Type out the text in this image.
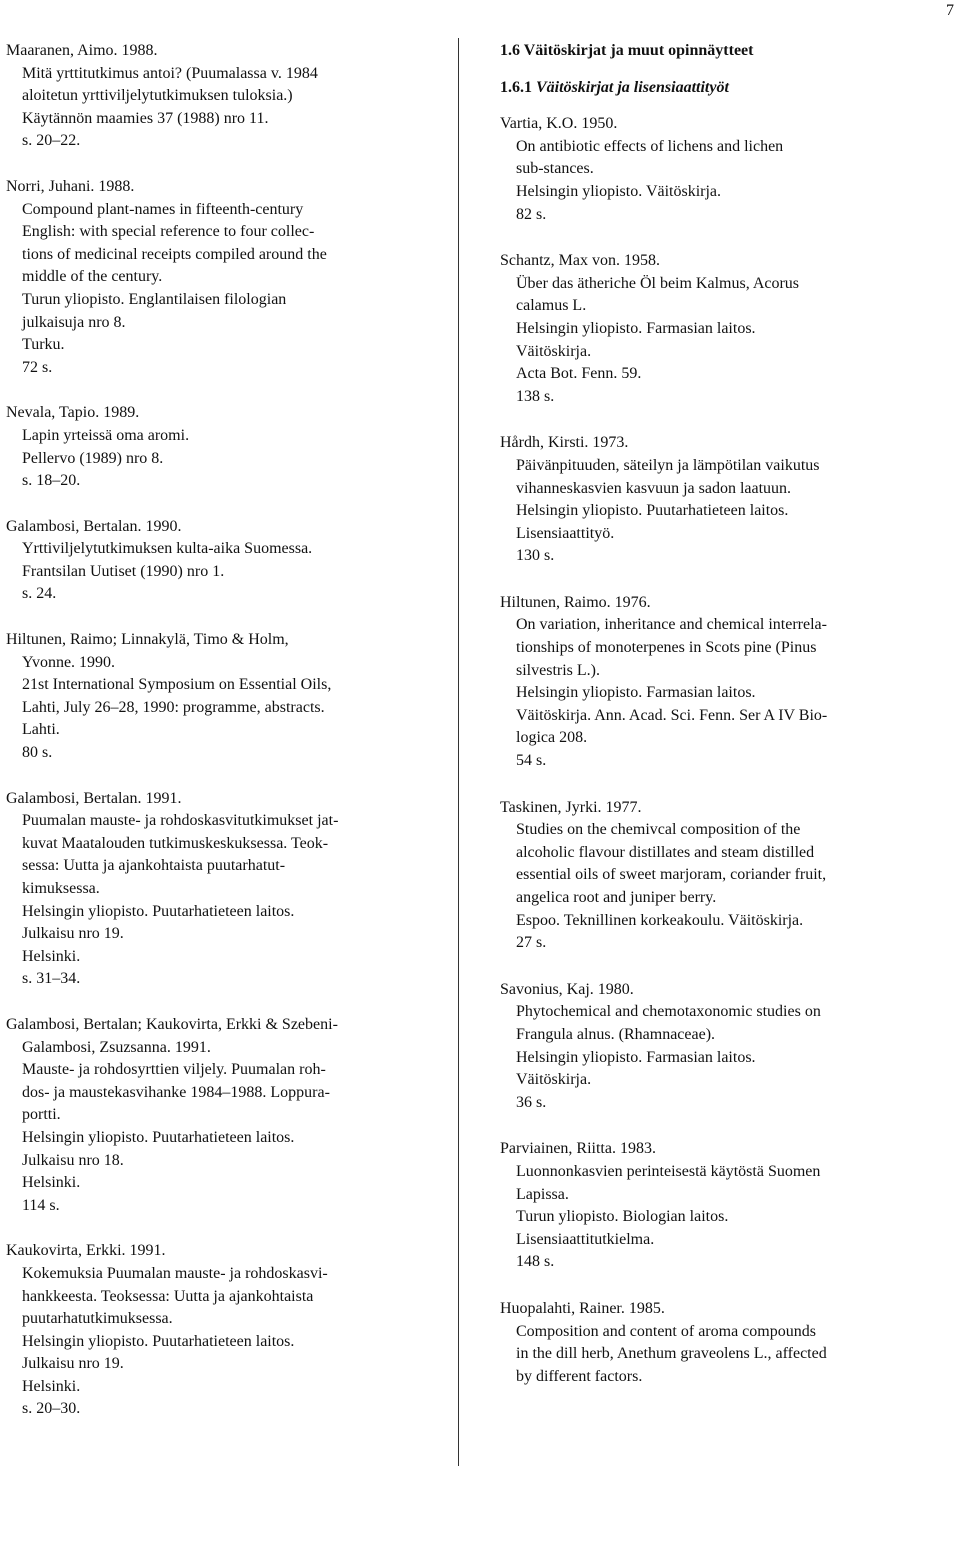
7
Maaranen, Aimo. 1988.
Mitä yrttitutkimus antoi? (Puumalassa v. 1984
aloitetun yrttiviljelytutkimuksen tuloksia.)
Käytännön maamies 37 (1988) nro 11.
s. 20–22.
Norri, Juhani. 1988.
Compound plant-names in fifteenth-century
English: with special reference to four collec-
tions of medicinal receipts compiled around the
middle of the century.
Turun yliopisto. Englantilaisen filologian
julkaisuja nro 8.
Turku.
72 s.
Nevala, Tapio. 1989.
Lapin yrteissä oma aromi.
Pellervo (1989) nro 8.
s. 18–20.
Galambosi, Bertalan. 1990.
Yrttiviljelytutkimuksen kulta-aika Suomessa.
Frantsilan Uutiset (1990) nro 1.
s. 24.
Hiltunen, Raimo; Linnakylä, Timo & Holm,
Yvonne. 1990.
21st International Symposium on Essential Oils,
Lahti, July 26–28, 1990: programme, abstracts.
Lahti.
80 s.
Galambosi, Bertalan. 1991.
Puumalan mauste- ja rohdoskasvitutkimukset jat-
kuvat Maatalouden tutkimuskeskuksessa. Teok-
sessa: Uutta ja ajankohtaista puutarhatut-
kimuksessa.
Helsingin yliopisto. Puutarhatieteen laitos.
Julkaisu nro 19.
Helsinki.
s. 31–34.
Galambosi, Bertalan; Kaukovirta, Erkki & Szebeni-
Galambosi, Zsuzsanna. 1991.
Mauste- ja rohdosyrttien viljely. Puumalan roh-
dos- ja maustekasvihanke 1984–1988. Loppura-
portti.
Helsingin yliopisto. Puutarhatieteen laitos.
Julkaisu nro 18.
Helsinki.
114 s.
Kaukovirta, Erkki. 1991.
Kokemuksia Puumalan mauste- ja rohdoskasvi-
hankkeesta. Teoksessa: Uutta ja ajankohtaista
puutarhatutkimuksessa.
Helsingin yliopisto. Puutarhatieteen laitos.
Julkaisu nro 19.
Helsinki.
s. 20–30.
1.6 Väitöskirjat ja muut opinnäytteet
1.6.1 Väitöskirjat ja lisensiaattityöt
Vartia, K.O. 1950.
On antibiotic effects of lichens and lichen
sub-stances.
Helsingin yliopisto. Väitöskirja.
82 s.
Schantz, Max von. 1958.
Über das ätheriche Öl beim Kalmus, Acorus
calamus L.
Helsingin yliopisto. Farmasian laitos.
Väitöskirja.
Acta Bot. Fenn. 59.
138 s.
Hårdh, Kirsti. 1973.
Päivänpituuden, säteilyn ja lämpötilan vaikutus
vihanneskasvien kasvuun ja sadon laatuun.
Helsingin yliopisto. Puutarhatieteen laitos.
Lisensiaattityö.
130 s.
Hiltunen, Raimo. 1976.
On variation, inheritance and chemical interrela-
tionships of monoterpenes in Scots pine (Pinus
silvestris L.).
Helsingin yliopisto. Farmasian laitos.
Väitöskirja. Ann. Acad. Sci. Fenn. Ser A IV Bio-
logica 208.
54 s.
Taskinen, Jyrki. 1977.
Studies on the chemivcal composition of the
alcoholic flavour distillates and steam distilled
essential oils of sweet marjoram, coriander fruit,
angelica root and juniper berry.
Espoo. Teknillinen korkeakoulu. Väitöskirja.
27 s.
Savonius, Kaj. 1980.
Phytochemical and chemotaxonomic studies on
Frangula alnus. (Rhamnaceae).
Helsingin yliopisto. Farmasian laitos.
Väitöskirja.
36 s.
Parviainen, Riitta. 1983.
Luonnonkasvien perinteisestä käytöstä Suomen
Lapissa.
Turun yliopisto. Biologian laitos.
Lisensiaattitutkielma.
148 s.
Huopalahti, Rainer. 1985.
Composition and content of aroma compounds
in the dill herb, Anethum graveolens L., affected
by different factors.
